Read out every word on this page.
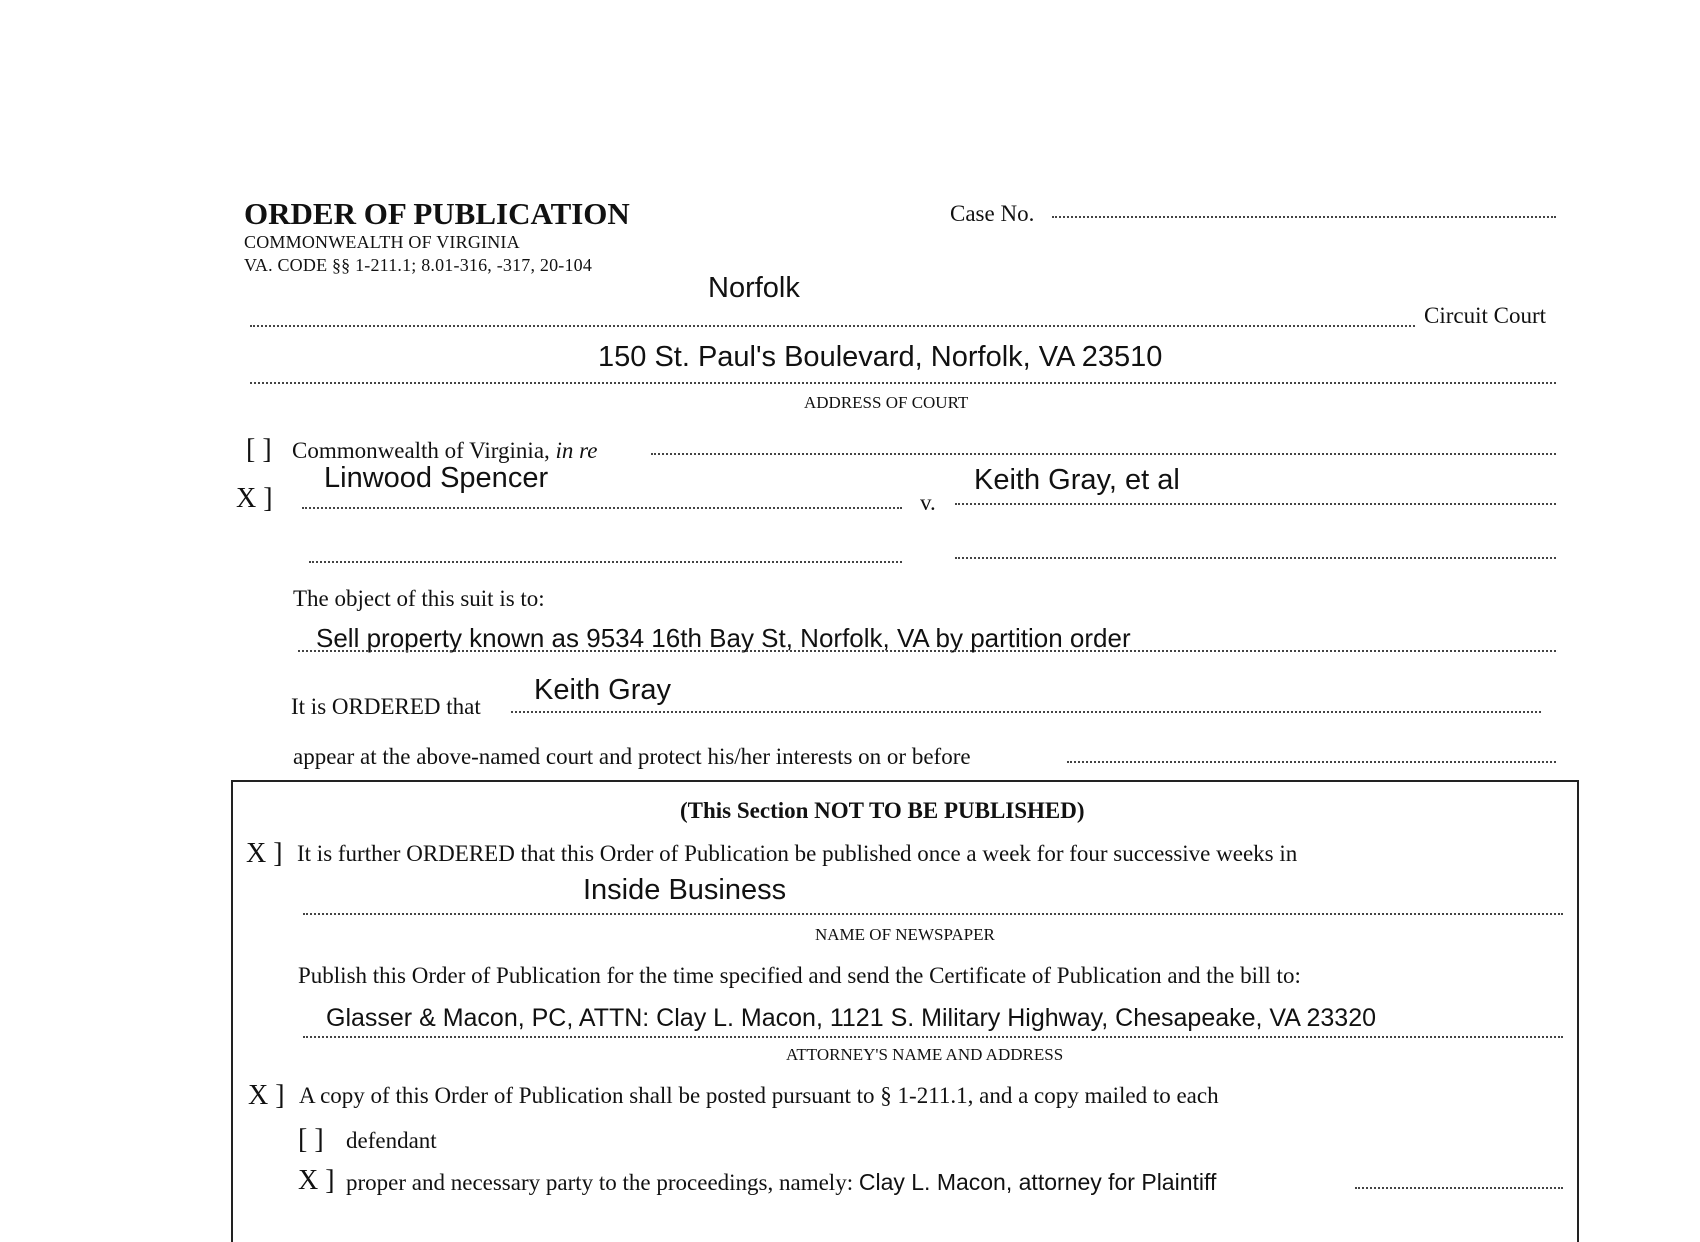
ORDER OF PUBLICATION
COMMONWEALTH OF VIRGINIA
VA. CODE §§ 1-211.1; 8.01-316, -317, 20-104
Case No.
Norfolk
Circuit Court
150 St. Paul's Boulevard, Norfolk, VA 23510
ADDRESS OF COURT
[ ] Commonwealth of Virginia, in re
X ]
Linwood Spencer
v.
Keith Gray, et al
The object of this suit is to:
Sell property known as 9534 16th Bay St, Norfolk, VA by partition order
It is ORDERED that
Keith Gray
appear at the above-named court and protect his/her interests on or before
(This Section NOT TO BE PUBLISHED)
X ] It is further ORDERED that this Order of Publication be published once a week for four successive weeks in
Inside Business
NAME OF NEWSPAPER
Publish this Order of Publication for the time specified and send the Certificate of Publication and the bill to:
Glasser & Macon, PC, ATTN: Clay L. Macon, 1121 S. Military Highway, Chesapeake, VA 23320
ATTORNEY'S NAME AND ADDRESS
X ] A copy of this Order of Publication shall be posted pursuant to § 1-211.1, and a copy mailed to each
[ ] defendant
X ] proper and necessary party to the proceedings, namely: Clay L. Macon, attorney for Plaintiff
